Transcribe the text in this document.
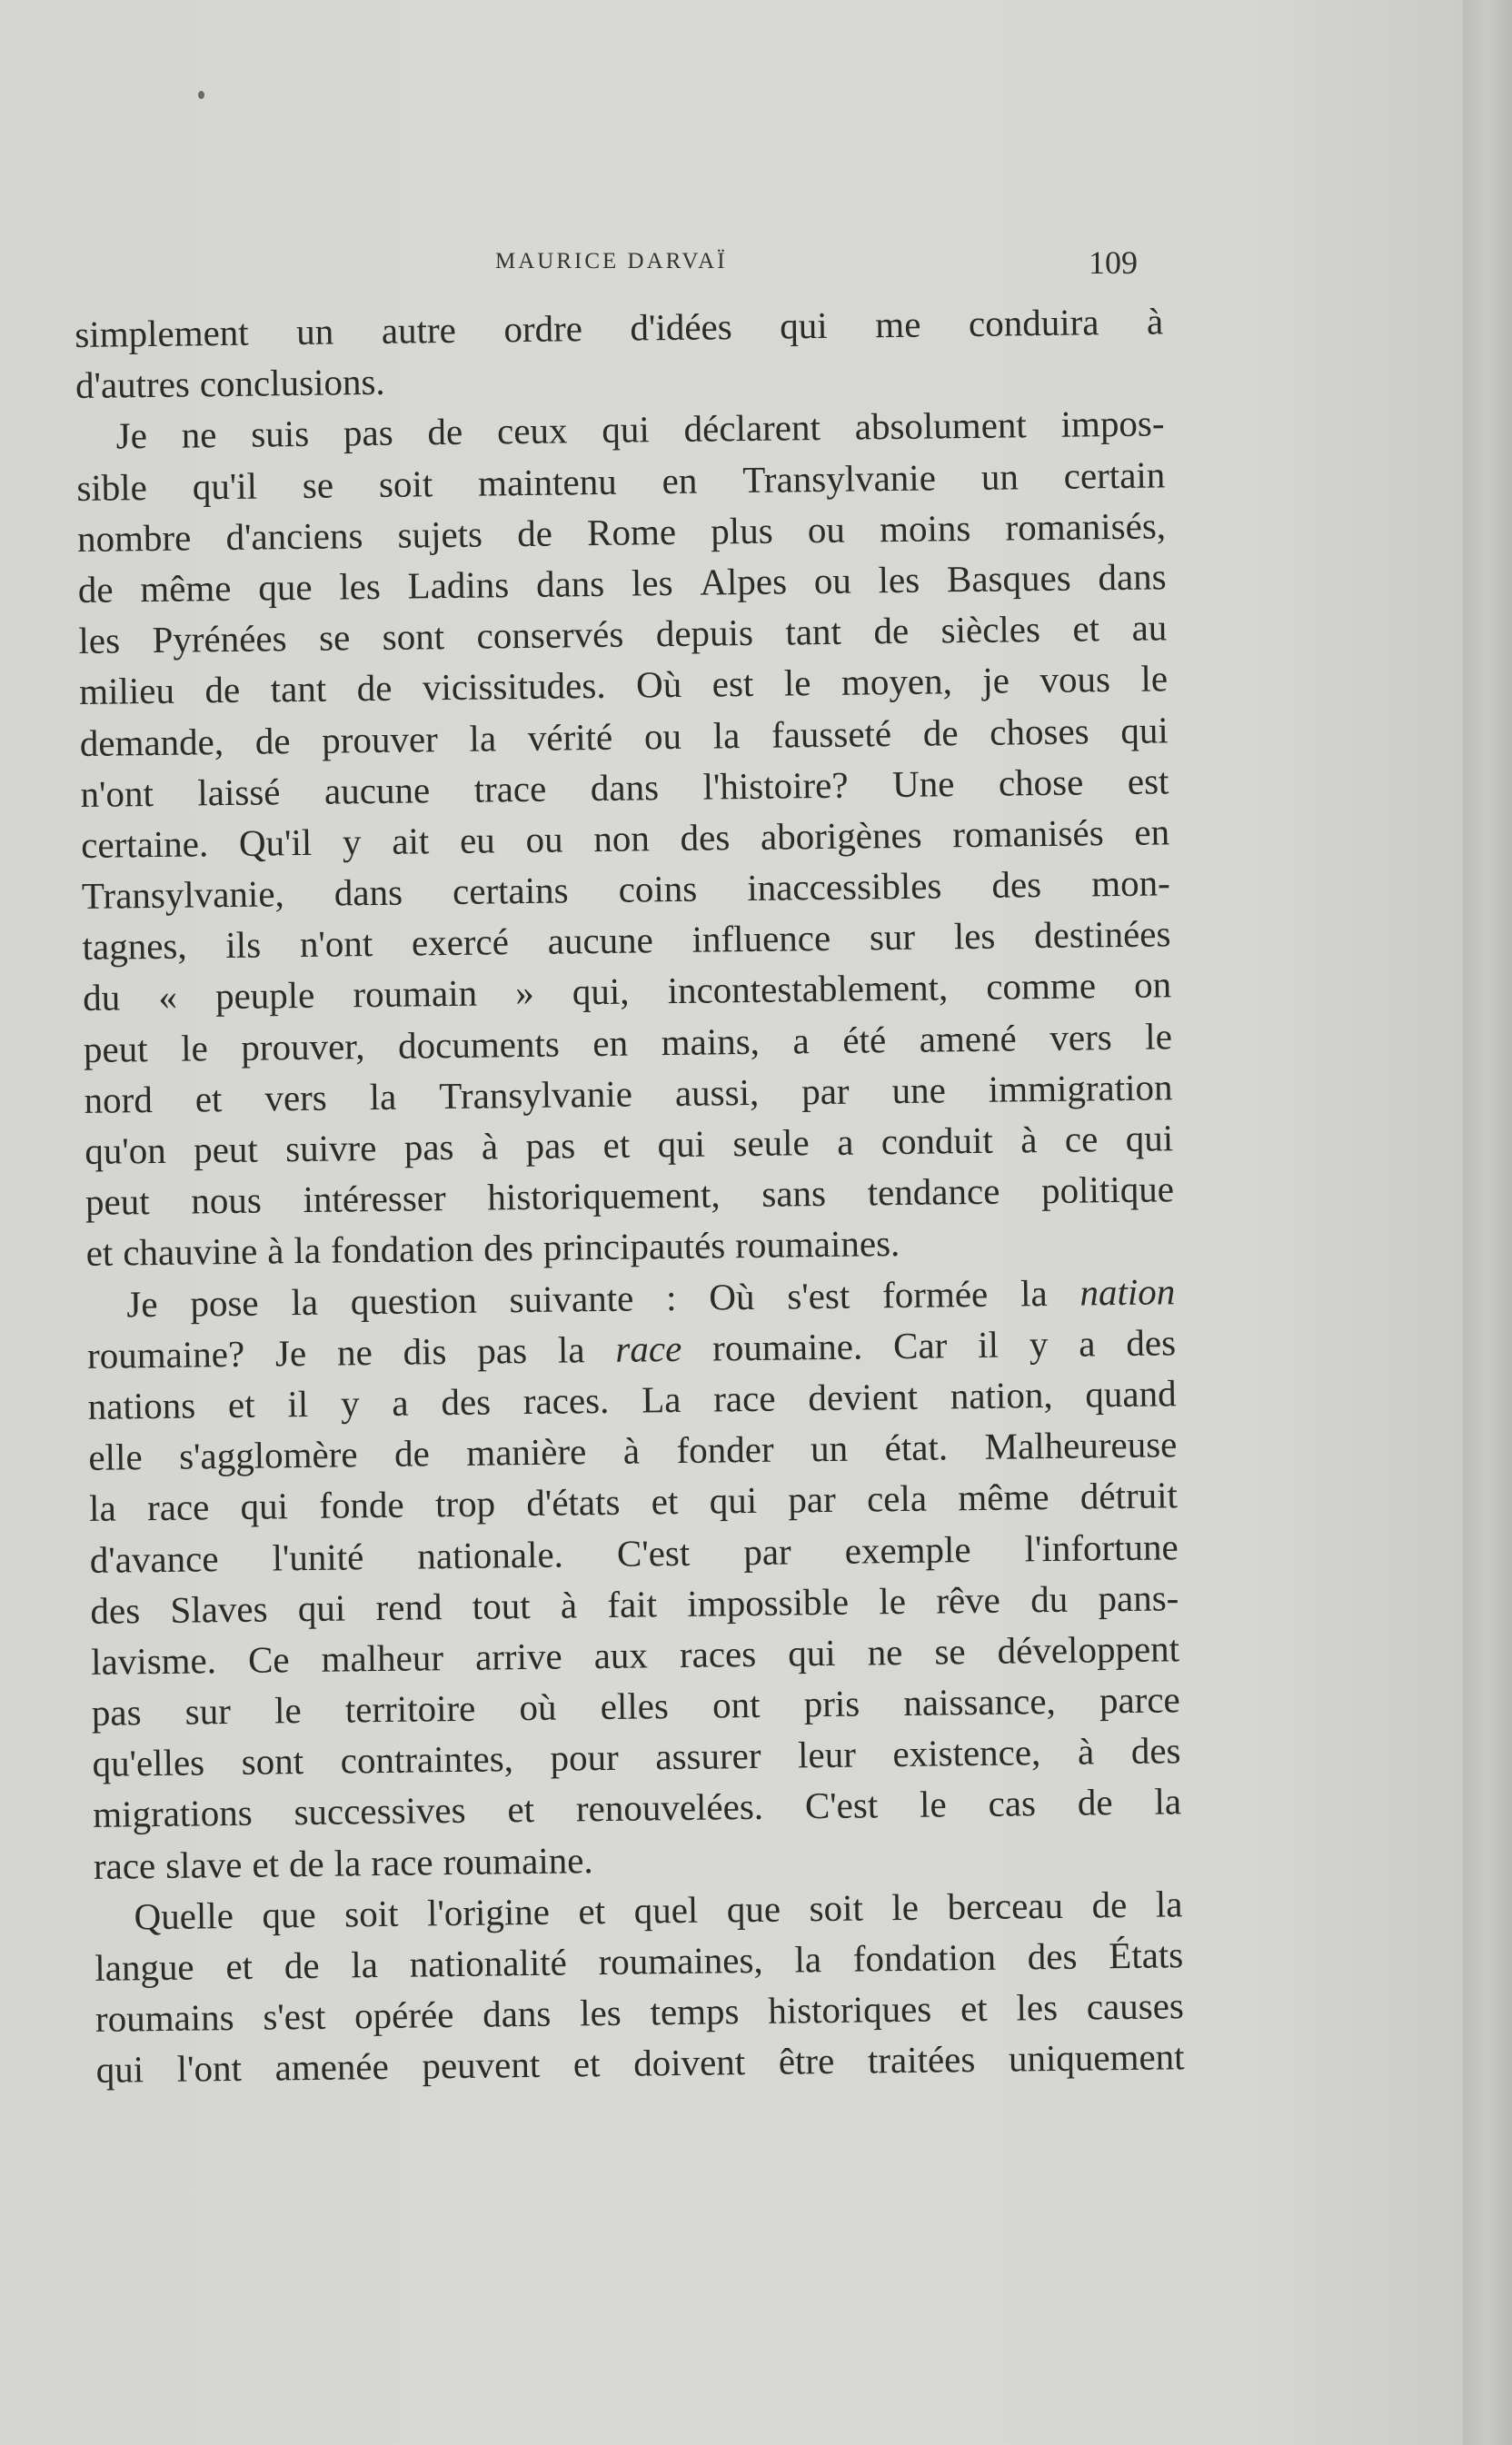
MAURICE DARVAÏ	109
simplement un autre ordre d'idées qui me conduira à
d'autres conclusions.
Je ne suis pas de ceux qui déclarent absolument impos-
sible qu'il se soit maintenu en Transylvanie un certain
nombre d'anciens sujets de Rome plus ou moins romanisés,
de même que les Ladins dans les Alpes ou les Basques dans
les Pyrénées se sont conservés depuis tant de siècles et au
milieu de tant de vicissitudes. Où est le moyen, je vous le
demande, de prouver la vérité ou la fausseté de choses qui
n'ont laissé aucune trace dans l'histoire? Une chose est
certaine. Qu'il y ait eu ou non des aborigènes romanisés en
Transylvanie, dans certains coins inaccessibles des mon-
tagnes, ils n'ont exercé aucune influence sur les destinées
du « peuple roumain » qui, incontestablement, comme on
peut le prouver, documents en mains, a été amené vers le
nord et vers la Transylvanie aussi, par une immigration
qu'on peut suivre pas à pas et qui seule a conduit à ce qui
peut nous intéresser historiquement, sans tendance politique
et chauvine à la fondation des principautés roumaines.
Je pose la question suivante : Où s'est formée la nation
roumaine? Je ne dis pas la race roumaine. Car il y a des
nations et il y a des races. La race devient nation, quand
elle s'agglomère de manière à fonder un état. Malheureuse
la race qui fonde trop d'états et qui par cela même détruit
d'avance l'unité nationale. C'est par exemple l'infortune
des Slaves qui rend tout à fait impossible le rêve du pans-
lavisme. Ce malheur arrive aux races qui ne se développent
pas sur le territoire où elles ont pris naissance, parce
qu'elles sont contraintes, pour assurer leur existence, à des
migrations successives et renouvelées. C'est le cas de la
race slave et de la race roumaine.
Quelle que soit l'origine et quel que soit le berceau de la
langue et de la nationalité roumaines, la fondation des États
roumains s'est opérée dans les temps historiques et les causes
qui l'ont amenée peuvent et doivent être traitées uniquement
